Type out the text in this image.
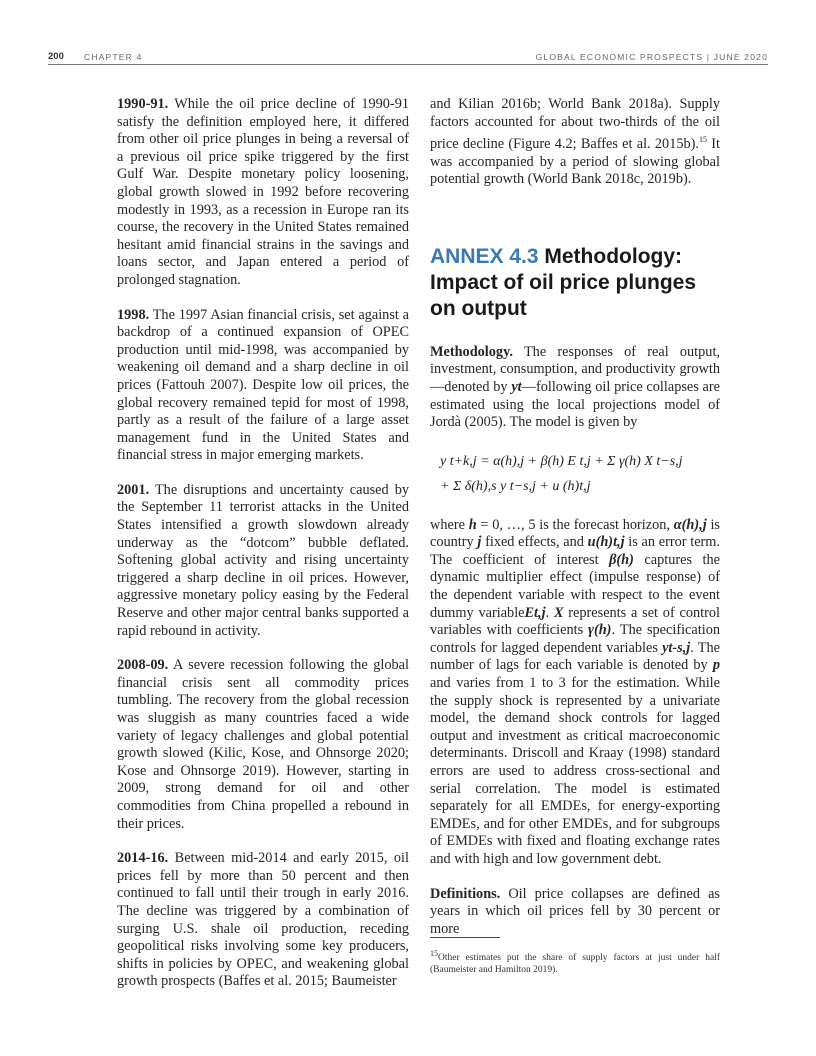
200 CHAPTER 4	GLOBAL ECONOMIC PROSPECTS | JUNE 2020

1990-91. While the oil price decline of 1990-91 satisfy the definition employed here, it differed from other oil price plunges in being a reversal of a previous oil price spike triggered by the first Gulf War. Despite monetary policy loosening, global growth slowed in 1992 before recovering modestly in 1993, as a recession in Europe ran its course, the recovery in the United States remained hesitant amid financial strains in the savings and loans sector, and Japan entered a period of prolonged stagnation.

1998. The 1997 Asian financial crisis, set against a backdrop of a continued expansion of OPEC production until mid-1998, was accompanied by weakening oil demand and a sharp decline in oil prices (Fattouh 2007). Despite low oil prices, the global recovery remained tepid for most of 1998, partly as a result of the failure of a large asset management fund in the United States and financial stress in major emerging markets.

2001. The disruptions and uncertainty caused by the September 11 terrorist attacks in the United States intensified a growth slowdown already underway as the “dotcom” bubble deflated. Softening global activity and rising uncertainty triggered a sharp decline in oil prices. However, aggressive monetary policy easing by the Federal Reserve and other major central banks supported a rapid rebound in activity.

2008-09. A severe recession following the global financial crisis sent all commodity prices tumbling. The recovery from the global recession was sluggish as many countries faced a wide variety of legacy challenges and global potential growth slowed (Kilic, Kose, and Ohnsorge 2020; Kose and Ohnsorge 2019). However, starting in 2009, strong demand for oil and other commodities from China propelled a rebound in their prices.

2014-16. Between mid-2014 and early 2015, oil prices fell by more than 50 percent and then continued to fall until their trough in early 2016. The decline was triggered by a combination of surging U.S. shale oil production, receding geopolitical risks involving some key producers, shifts in policies by OPEC, and weakening global growth prospects (Baffes et al. 2015; Baumeister

and Kilian 2016b; World Bank 2018a). Supply factors accounted for about two-thirds of the oil price decline (Figure 4.2; Baffes et al. 2015b).$^{15}$ It was accompanied by a period of slowing global potential growth (World Bank 2018c, 2019b).

ANNEX 4.3 Methodology: Impact of oil price plunges on output

Methodology. The responses of real output, investment, consumption, and productivity growth—denoted by yt—following oil price collapses are estimated using the local projections model of Jordà (2005). The model is given by

y t+k,j = α(h),j + β(h) E t,j + Σ γ(h) X t−s,j
+ Σ δ(h),s y t−s,j + u (h)t,j

where h = 0, …, 5 is the forecast horizon, α(h),j is country j fixed effects, and u(h)t,j is an error term. The coefficient of interest β(h) captures the dynamic multiplier effect (impulse response) of the dependent variable with respect to the event dummy variableEt,j. X represents a set of control variables with coefficients γ(h). The specification controls for lagged dependent variables yt-s,j. The number of lags for each variable is denoted by p and varies from 1 to 3 for the estimation. While the supply shock is represented by a univariate model, the demand shock controls for lagged output and investment as critical macroeconomic determinants. Driscoll and Kraay (1998) standard errors are used to address cross-sectional and serial correlation. The model is estimated separately for all EMDEs, for energy-exporting EMDEs, and for other EMDEs, and for subgroups of EMDEs with fixed and floating exchange rates and with high and low government debt.

Definitions. Oil price collapses are defined as years in which oil prices fell by 30 percent or more

$^{15}$Other estimates put the share of supply factors at just under half (Baumeister and Hamilton 2019).
